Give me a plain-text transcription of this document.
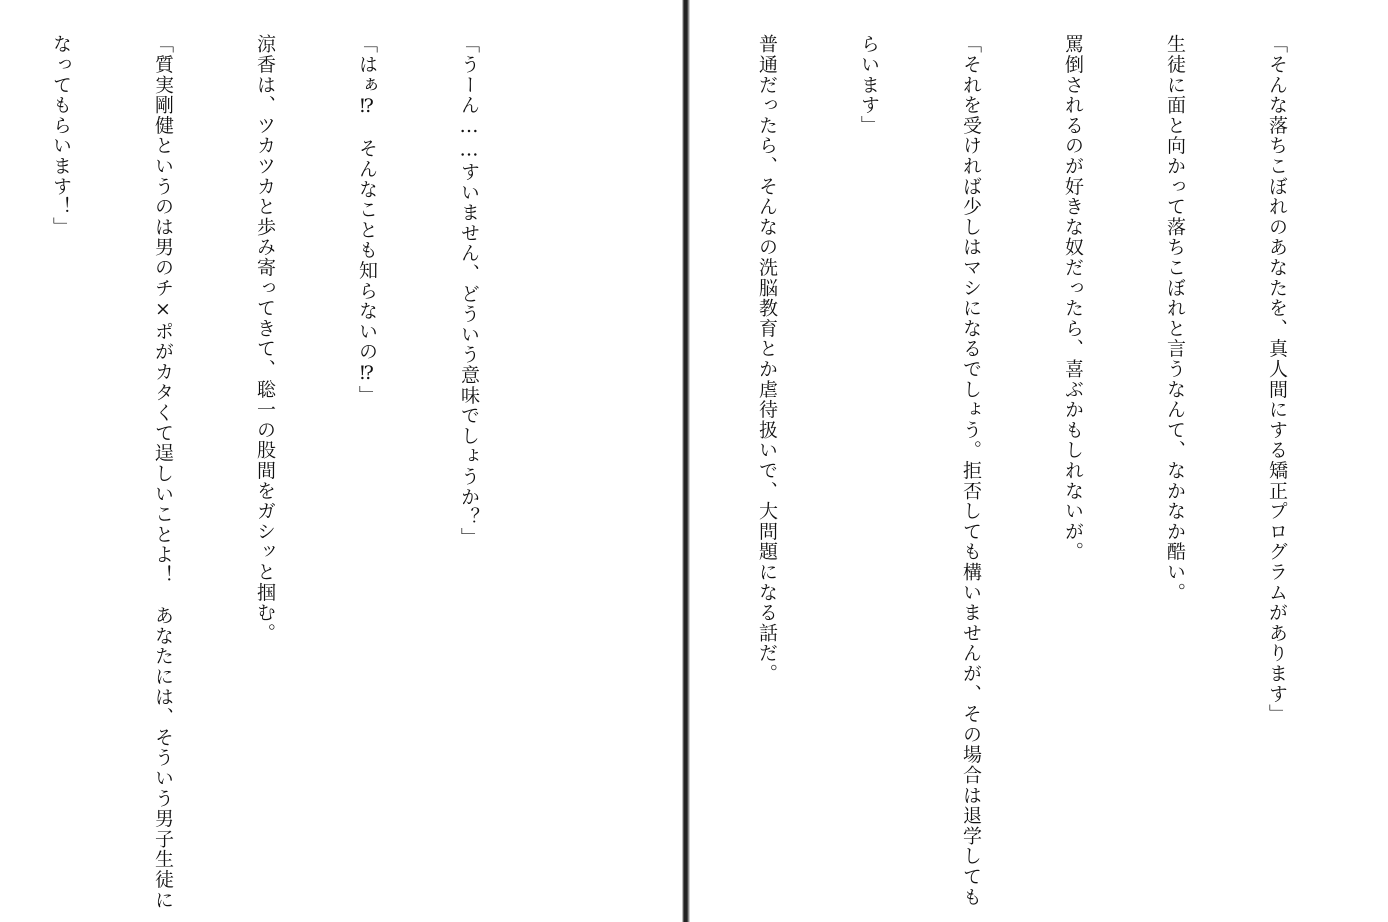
「うーん……すいません、どういう意味でしょうか？」

「はぁ⁉　そんなことも知らないの⁉」

涼香は、ツカツカと歩み寄ってきて、聡一の股間をガシッと掴む。

「質実剛健というのは男のチ×ポがカタくて逞しいことよ！　あなたには、そういう男子生徒に

なってもらいます！」

	「そんな落ちこぼれのあなたを、真人間にする矯正プログラムがあります」

生徒に面と向かって落ちこぼれと言うなんて、なかなか酷い。

罵倒されるのが好きな奴だったら、喜ぶかもしれないが。

「それを受ければ少しはマシになるでしょう。拒否しても構いませんが、その場合は退学しても

らいます」

普通だったら、そんなの洗脳教育とか虐待扱いで、大問題になる話だ。
